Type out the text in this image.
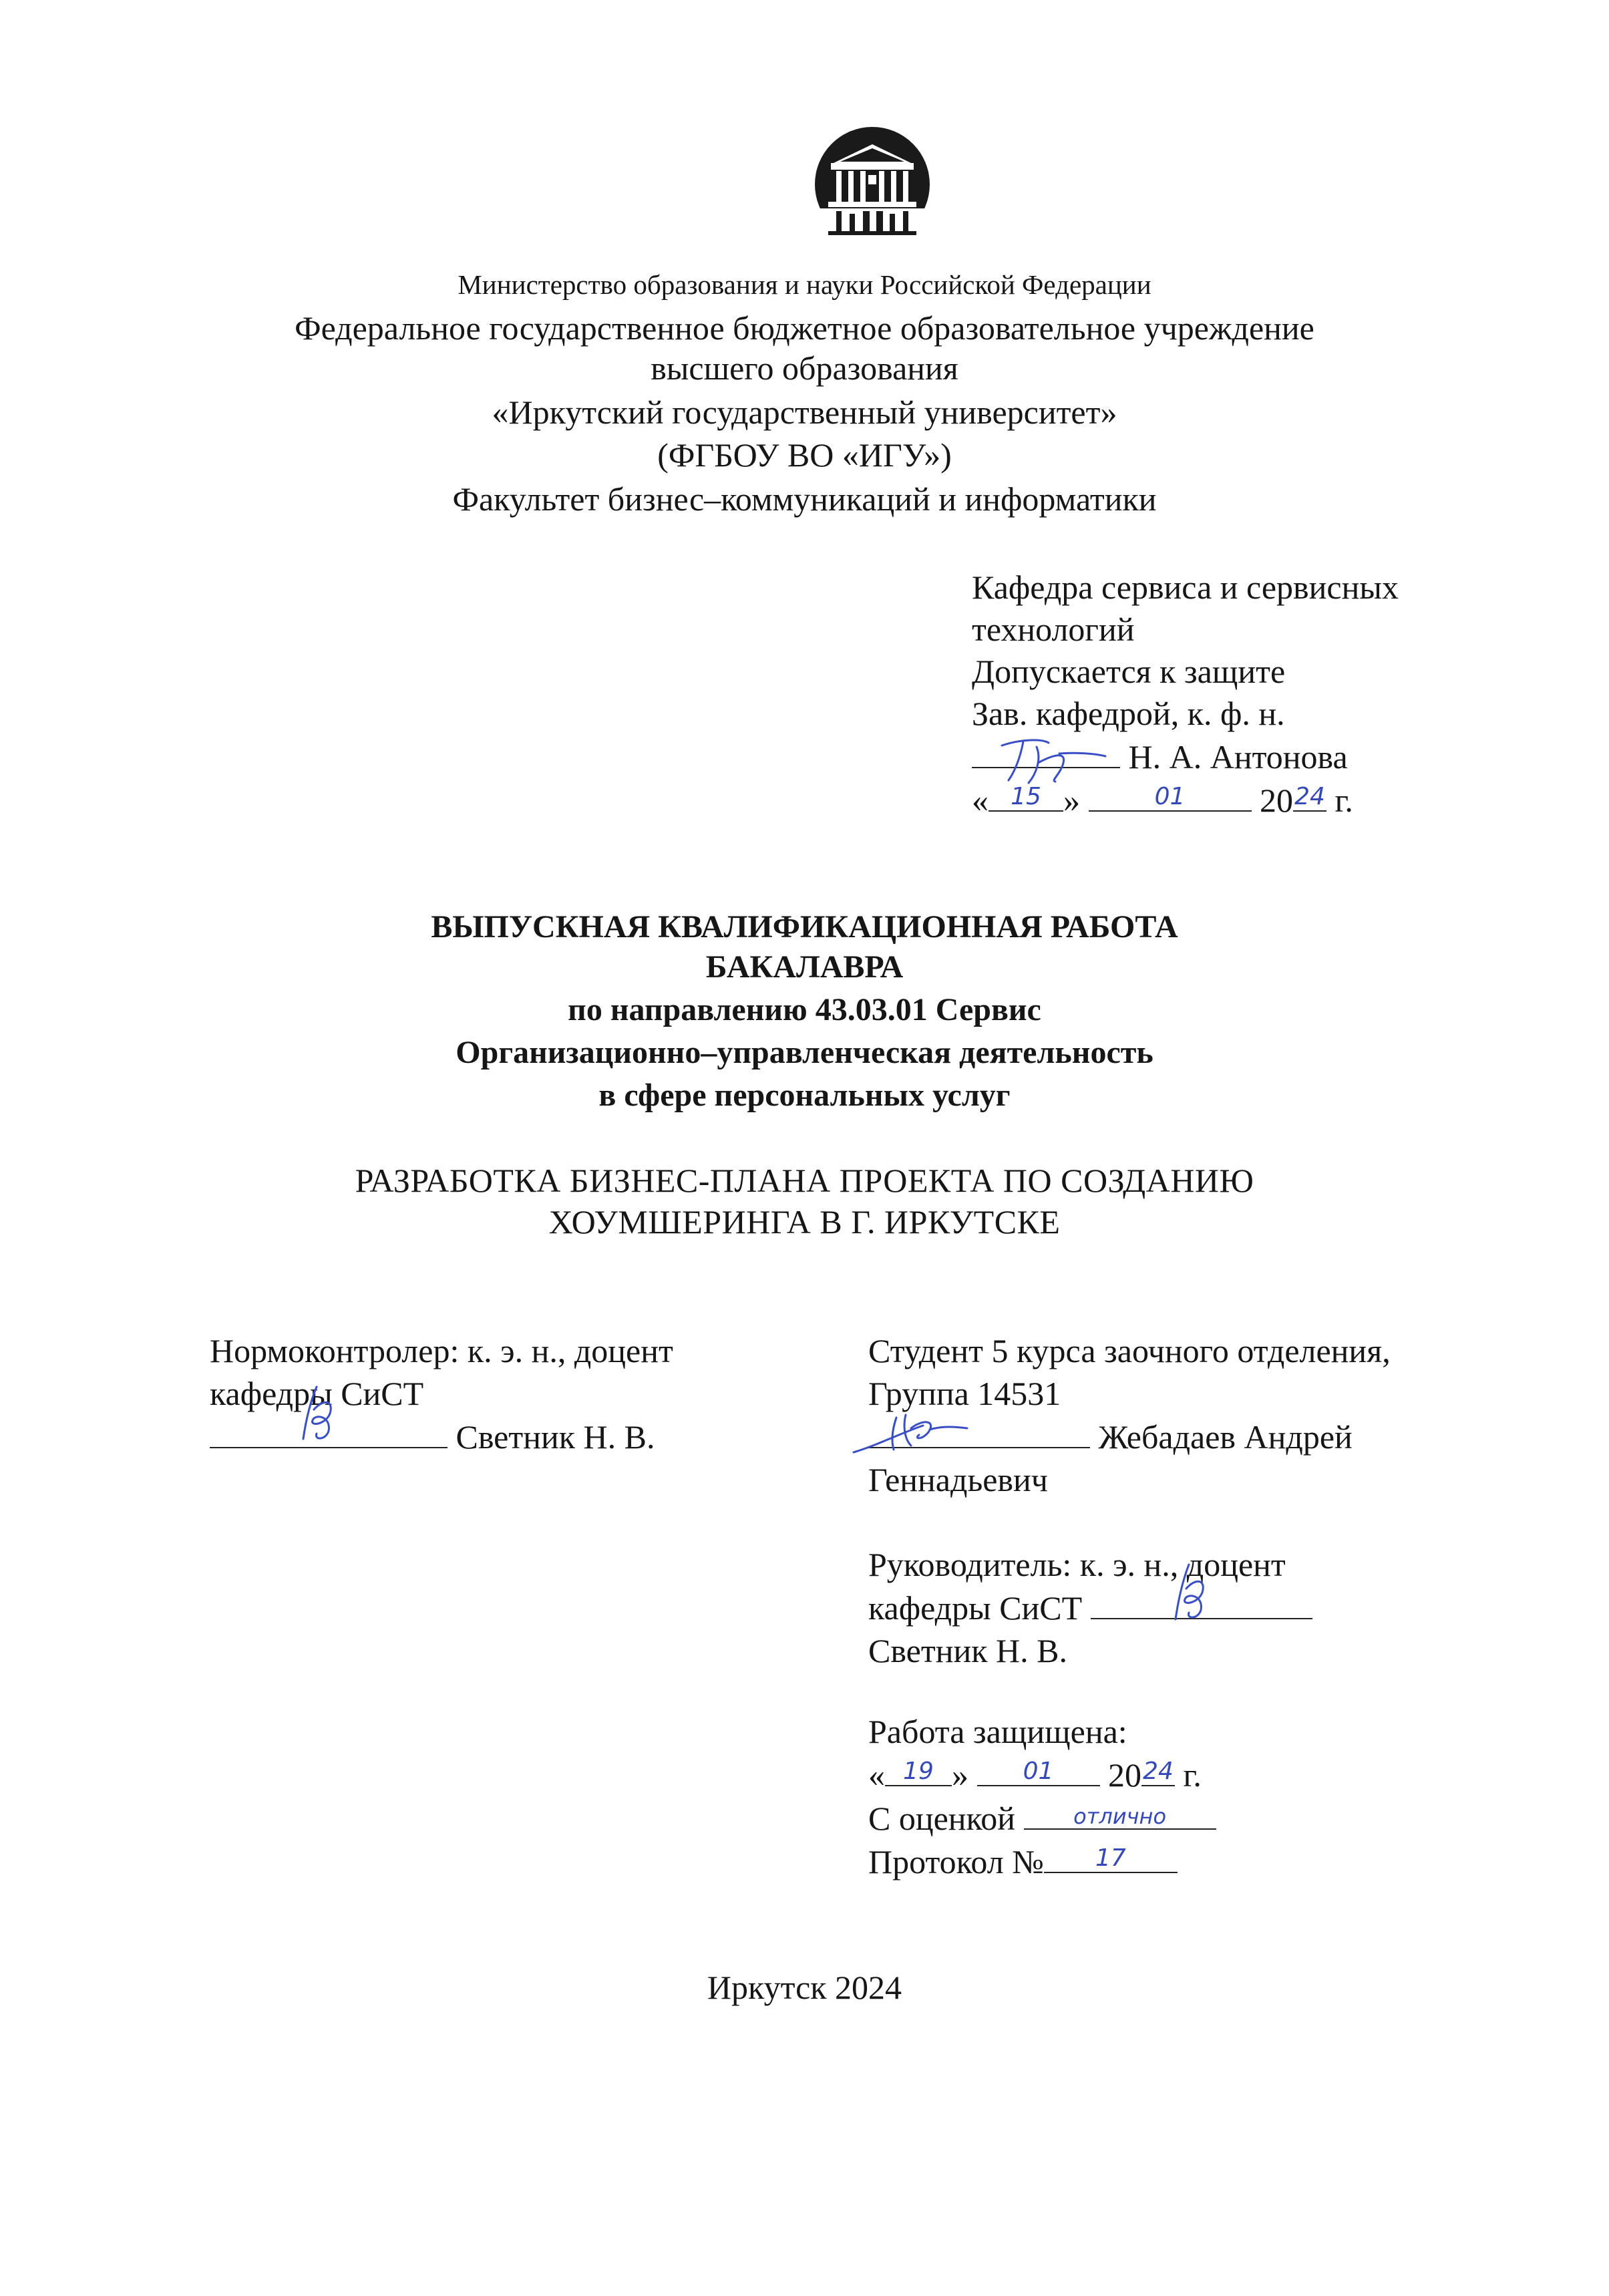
Министерство образования и науки Российской Федерации
Федеральное государственное бюджетное образовательное учреждение
высшего образования
«Иркутский государственный университет»
(ФГБОУ ВО «ИГУ»)
Факультет бизнес–коммуникаций и информатики
Кафедра сервиса и сервисных
технологий
Допускается к защите
Зав. кафедрой, к. ф. н.
Н. А. Антонова
« 15 »	01	20 24 г.
ВЫПУСКНАЯ КВАЛИФИКАЦИОННАЯ РАБОТА
БАКАЛАВРА
по направлению 43.03.01 Сервис
Организационно–управленческая деятельность
в сфере персональных услуг
РАЗРАБОТКА БИЗНЕС-ПЛАНА ПРОЕКТА ПО СОЗДАНИЮ
ХОУМШЕРИНГА В Г. ИРКУТСКЕ
Нормоконтролер: к. э. н., доцент
кафедры СиСТ
Светник Н. В.
Студент 5 курса заочного отделения,
Группа 14531
Жебадаев Андрей
Геннадьевич
Руководитель: к. э. н., доцент
кафедры СиСТ
Светник Н. В.
Работа защищена:
« 19 »	01	20 24 г.
С оценкой	отлично
Протокол №	17
Иркутск 2024
